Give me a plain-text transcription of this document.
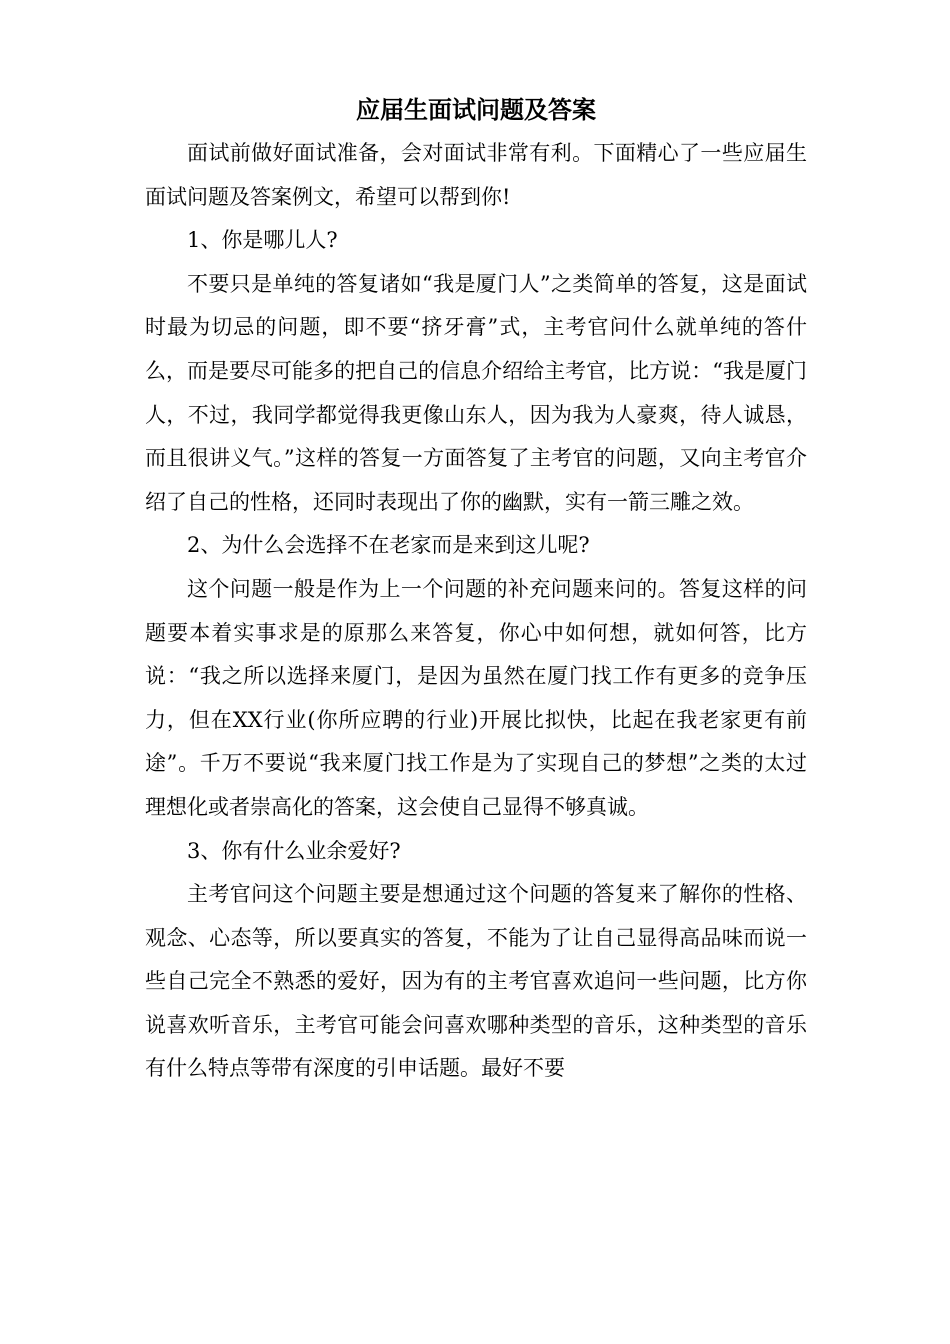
应届生面试问题及答案

面试前做好面试准备，会对面试非常有利。下面精心了一些应届生面试问题及答案例文，希望可以帮到你!

1、你是哪儿人?

不要只是单纯的答复诸如“我是厦门人”之类简单的答复，这是面试时最为切忌的问题，即不要“挤牙膏”式，主考官问什么就单纯的答什么，而是要尽可能多的把自己的信息介绍给主考官，比方说：“我是厦门人，不过，我同学都觉得我更像山东人，因为我为人豪爽，待人诚恳，而且很讲义气。”这样的答复一方面答复了主考官的问题，又向主考官介绍了自己的性格，还同时表现出了你的幽默，实有一箭三雕之效。

2、为什么会选择不在老家而是来到这儿呢?

这个问题一般是作为上一个问题的补充问题来问的。答复这样的问题要本着实事求是的原那么来答复，你心中如何想，就如何答，比方说：“我之所以选择来厦门，是因为虽然在厦门找工作有更多的竞争压力，但在XX行业(你所应聘的行业)开展比拟快，比起在我老家更有前途”。千万不要说“我来厦门找工作是为了实现自己的梦想”之类的太过理想化或者崇高化的答案，这会使自己显得不够真诚。

3、你有什么业余爱好?

主考官问这个问题主要是想通过这个问题的答复来了解你的性格、观念、心态等，所以要真实的答复，不能为了让自己显得高品味而说一些自己完全不熟悉的爱好，因为有的主考官喜欢追问一些问题，比方你说喜欢听音乐，主考官可能会问喜欢哪种类型的音乐，这种类型的音乐有什么特点等带有深度的引申话题。最好不要
